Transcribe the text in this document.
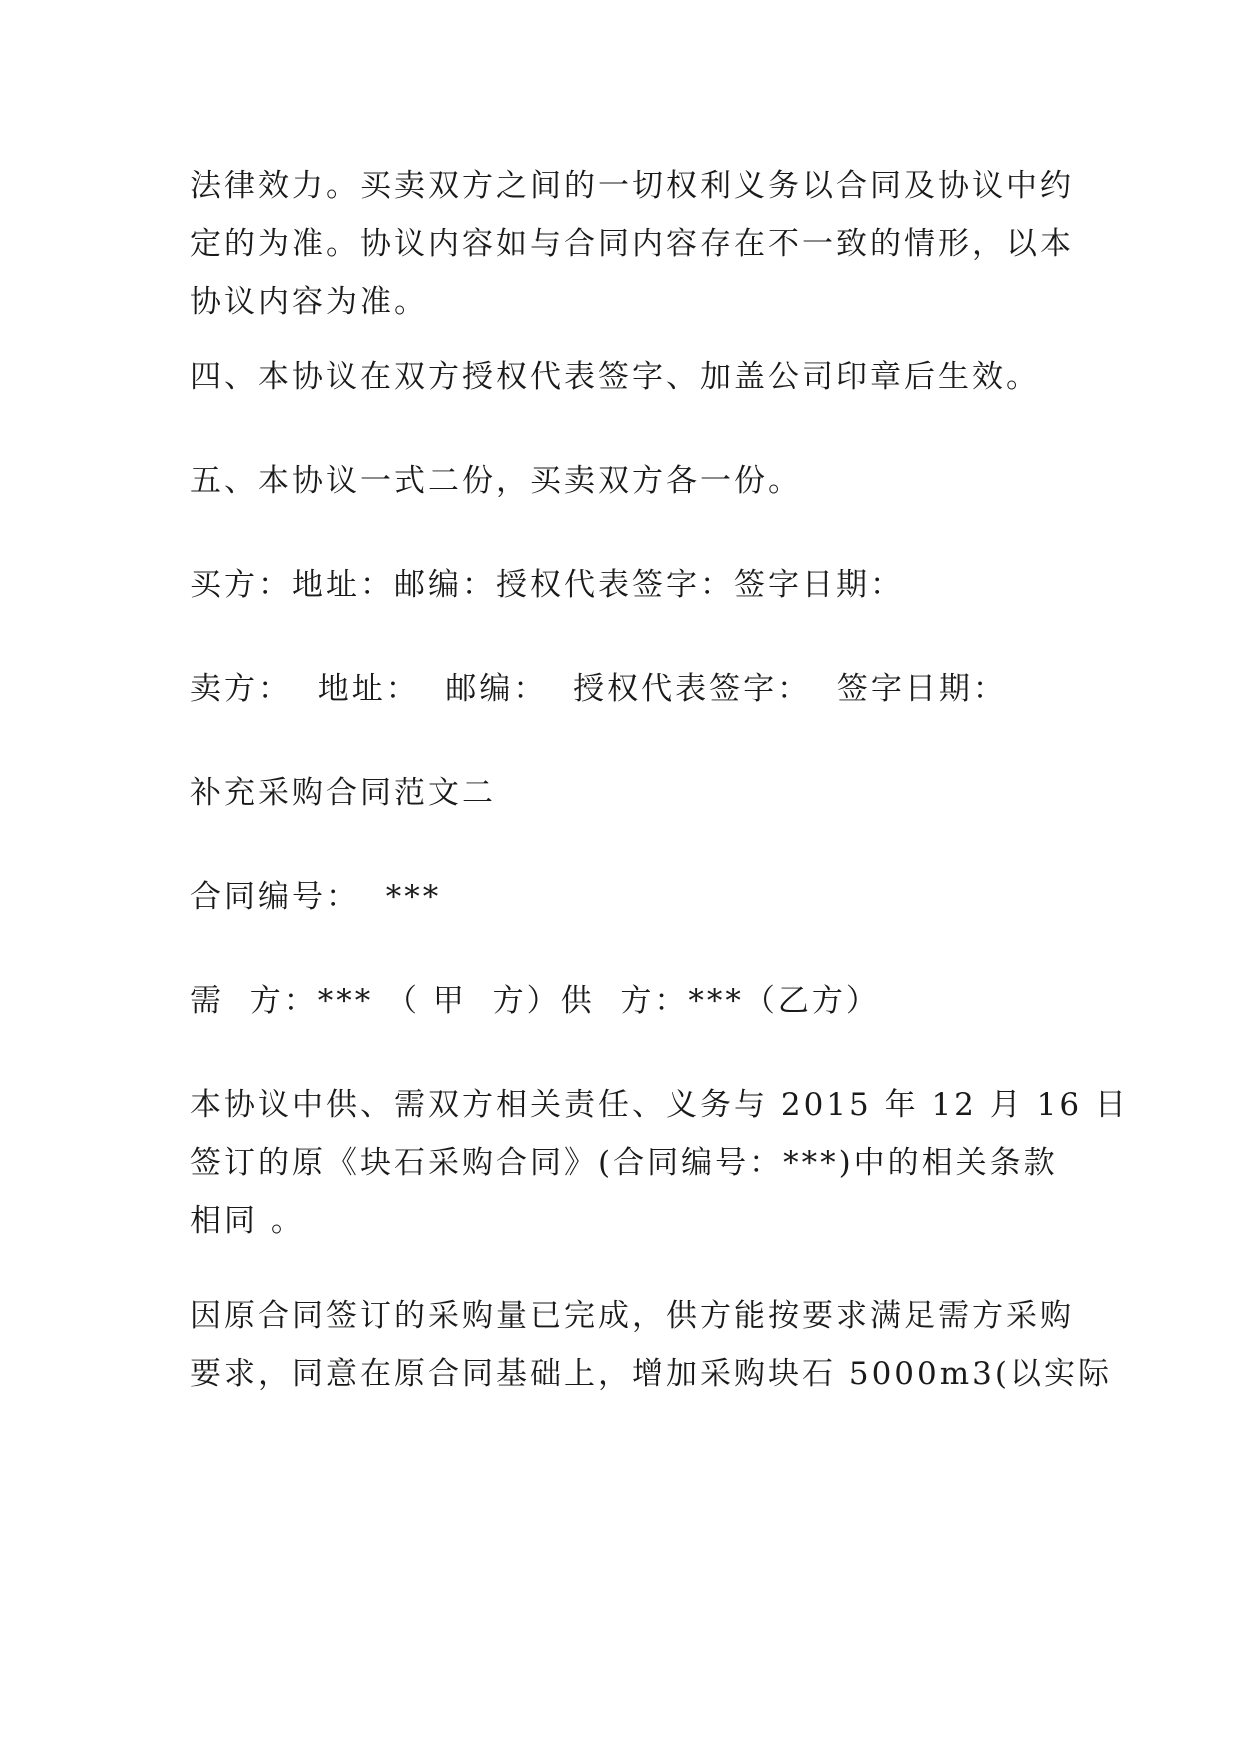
法律效力。买卖双方之间的一切权利义务以合同及协议中约
定的为准。协议内容如与合同内容存在不一致的情形，以本
协议内容为准。
四、本协议在双方授权代表签字、加盖公司印章后生效。
五、本协议一式二份，买卖双方各一份。
买方：地址：邮编：授权代表签字：签字日期：
卖方：  地址：  邮编：  授权代表签字：  签字日期：
补充采购合同范文二
合同编号：  ***
需  方：*** （ 甲  方）供  方：***（乙方）
本协议中供、需双方相关责任、义务与 2015 年 12 月 16 日
签订的原《块石采购合同》(合同编号：***)中的相关条款
相同 。
因原合同签订的采购量已完成，供方能按要求满足需方采购
要求，同意在原合同基础上，增加采购块石 5000m3(以实际
